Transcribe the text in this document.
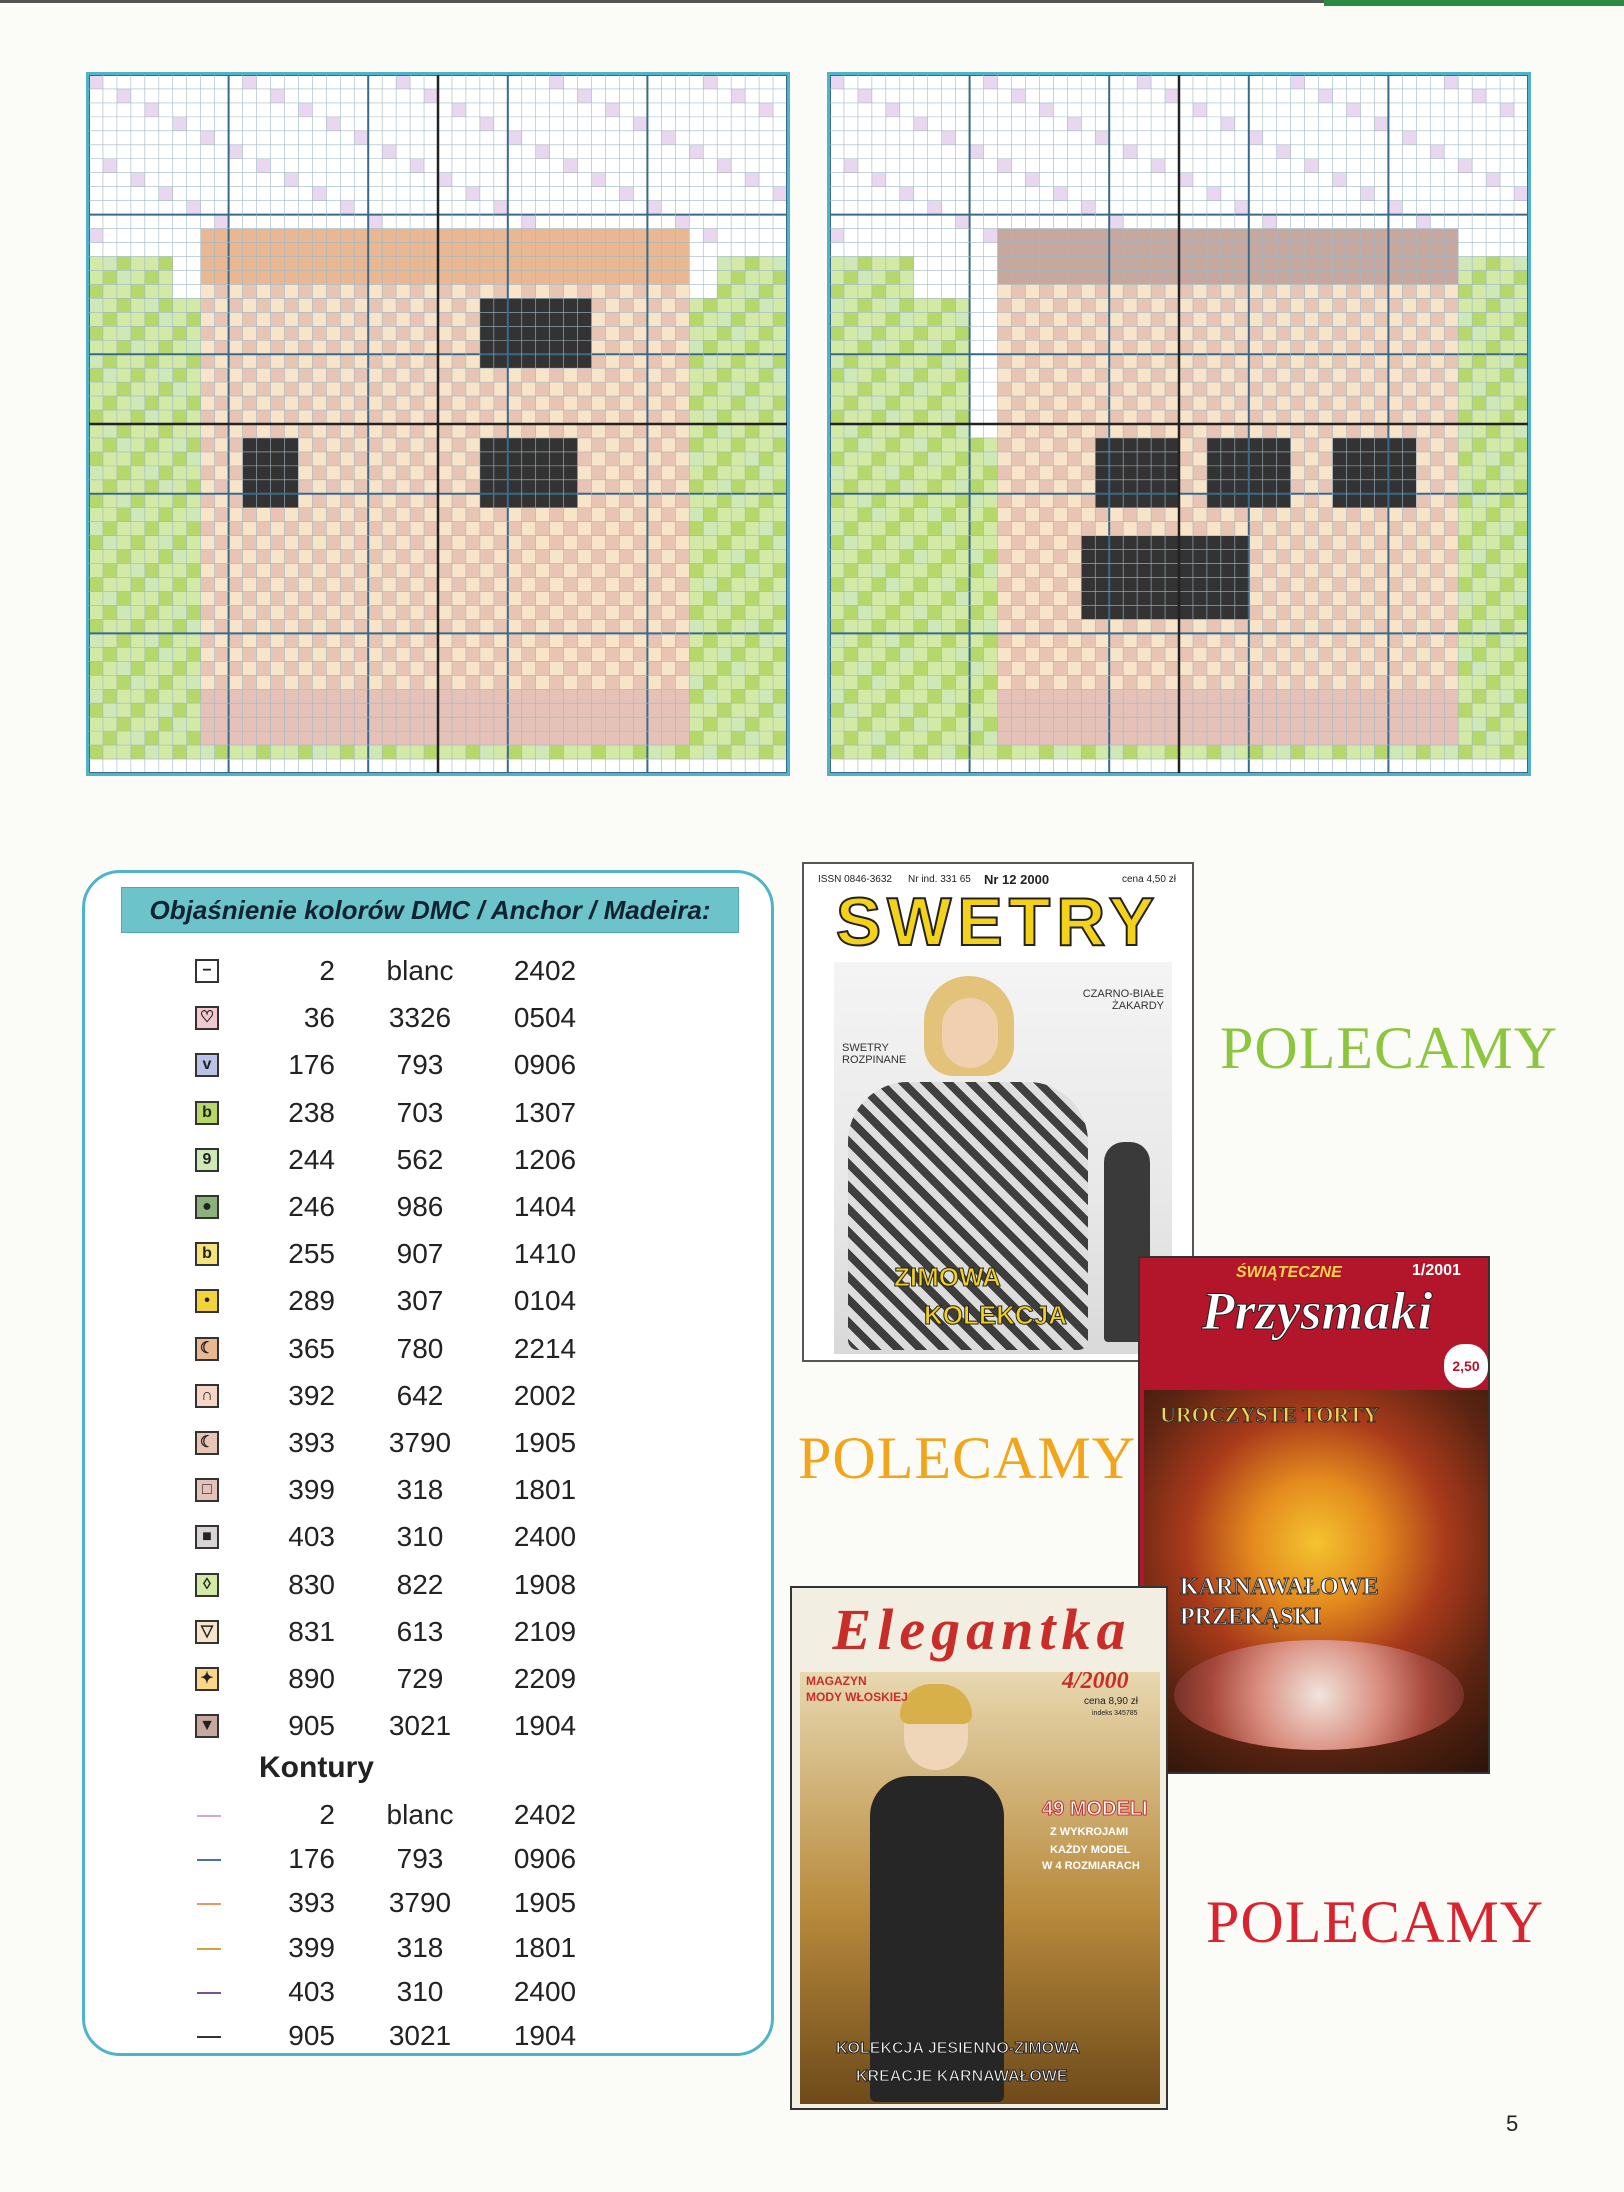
Objaśnienie kolorów DMC / Anchor / Madeira:
−	2	blanc	2402
♡	36	3326	0504
v	176	793	0906
b	238	703	1307
9	244	562	1206
●	246	986	1404
b	255	907	1410
•	289	307	0104
☾	365	780	2214
∩	392	642	2002
☾	393	3790	1905
□	399	318	1801
■	403	310	2400
◊	830	822	1908
▽	831	613	2109
✦	890	729	2209
▼	905	3021	1904
Kontury
2	blanc	2402
176	793	0906
393	3790	1905
399	318	1801
403	310	2400
905	3021	1904
ISSN 0846-3632 Nr ind. 331 65 Nr 12 2000	cena 4,50 zł
SWETRY
CZARNO-BIAŁE ŻAKARDY
SWETRY ROZPINANE
ZIMOWA
KOLEKCJA
ŚWIĄTECZNE	1/2001
Przysmaki
2,50
UROCZYSTE TORTY
KARNAWAŁOWE
PRZEKĄSKI
Elegantka
MAGAZYN
MODY WŁOSKIEJ
4/2000
cena 8,90 zł
indeks 345785
49 MODELI
Z WYKROJAMI
KAŻDY MODEL
W 4 ROZMIARACH
KOLEKCJA JESIENNO-ZIMOWA
KREACJE KARNAWAŁOWE
POLECAMY
POLECAMY
POLECAMY
5
